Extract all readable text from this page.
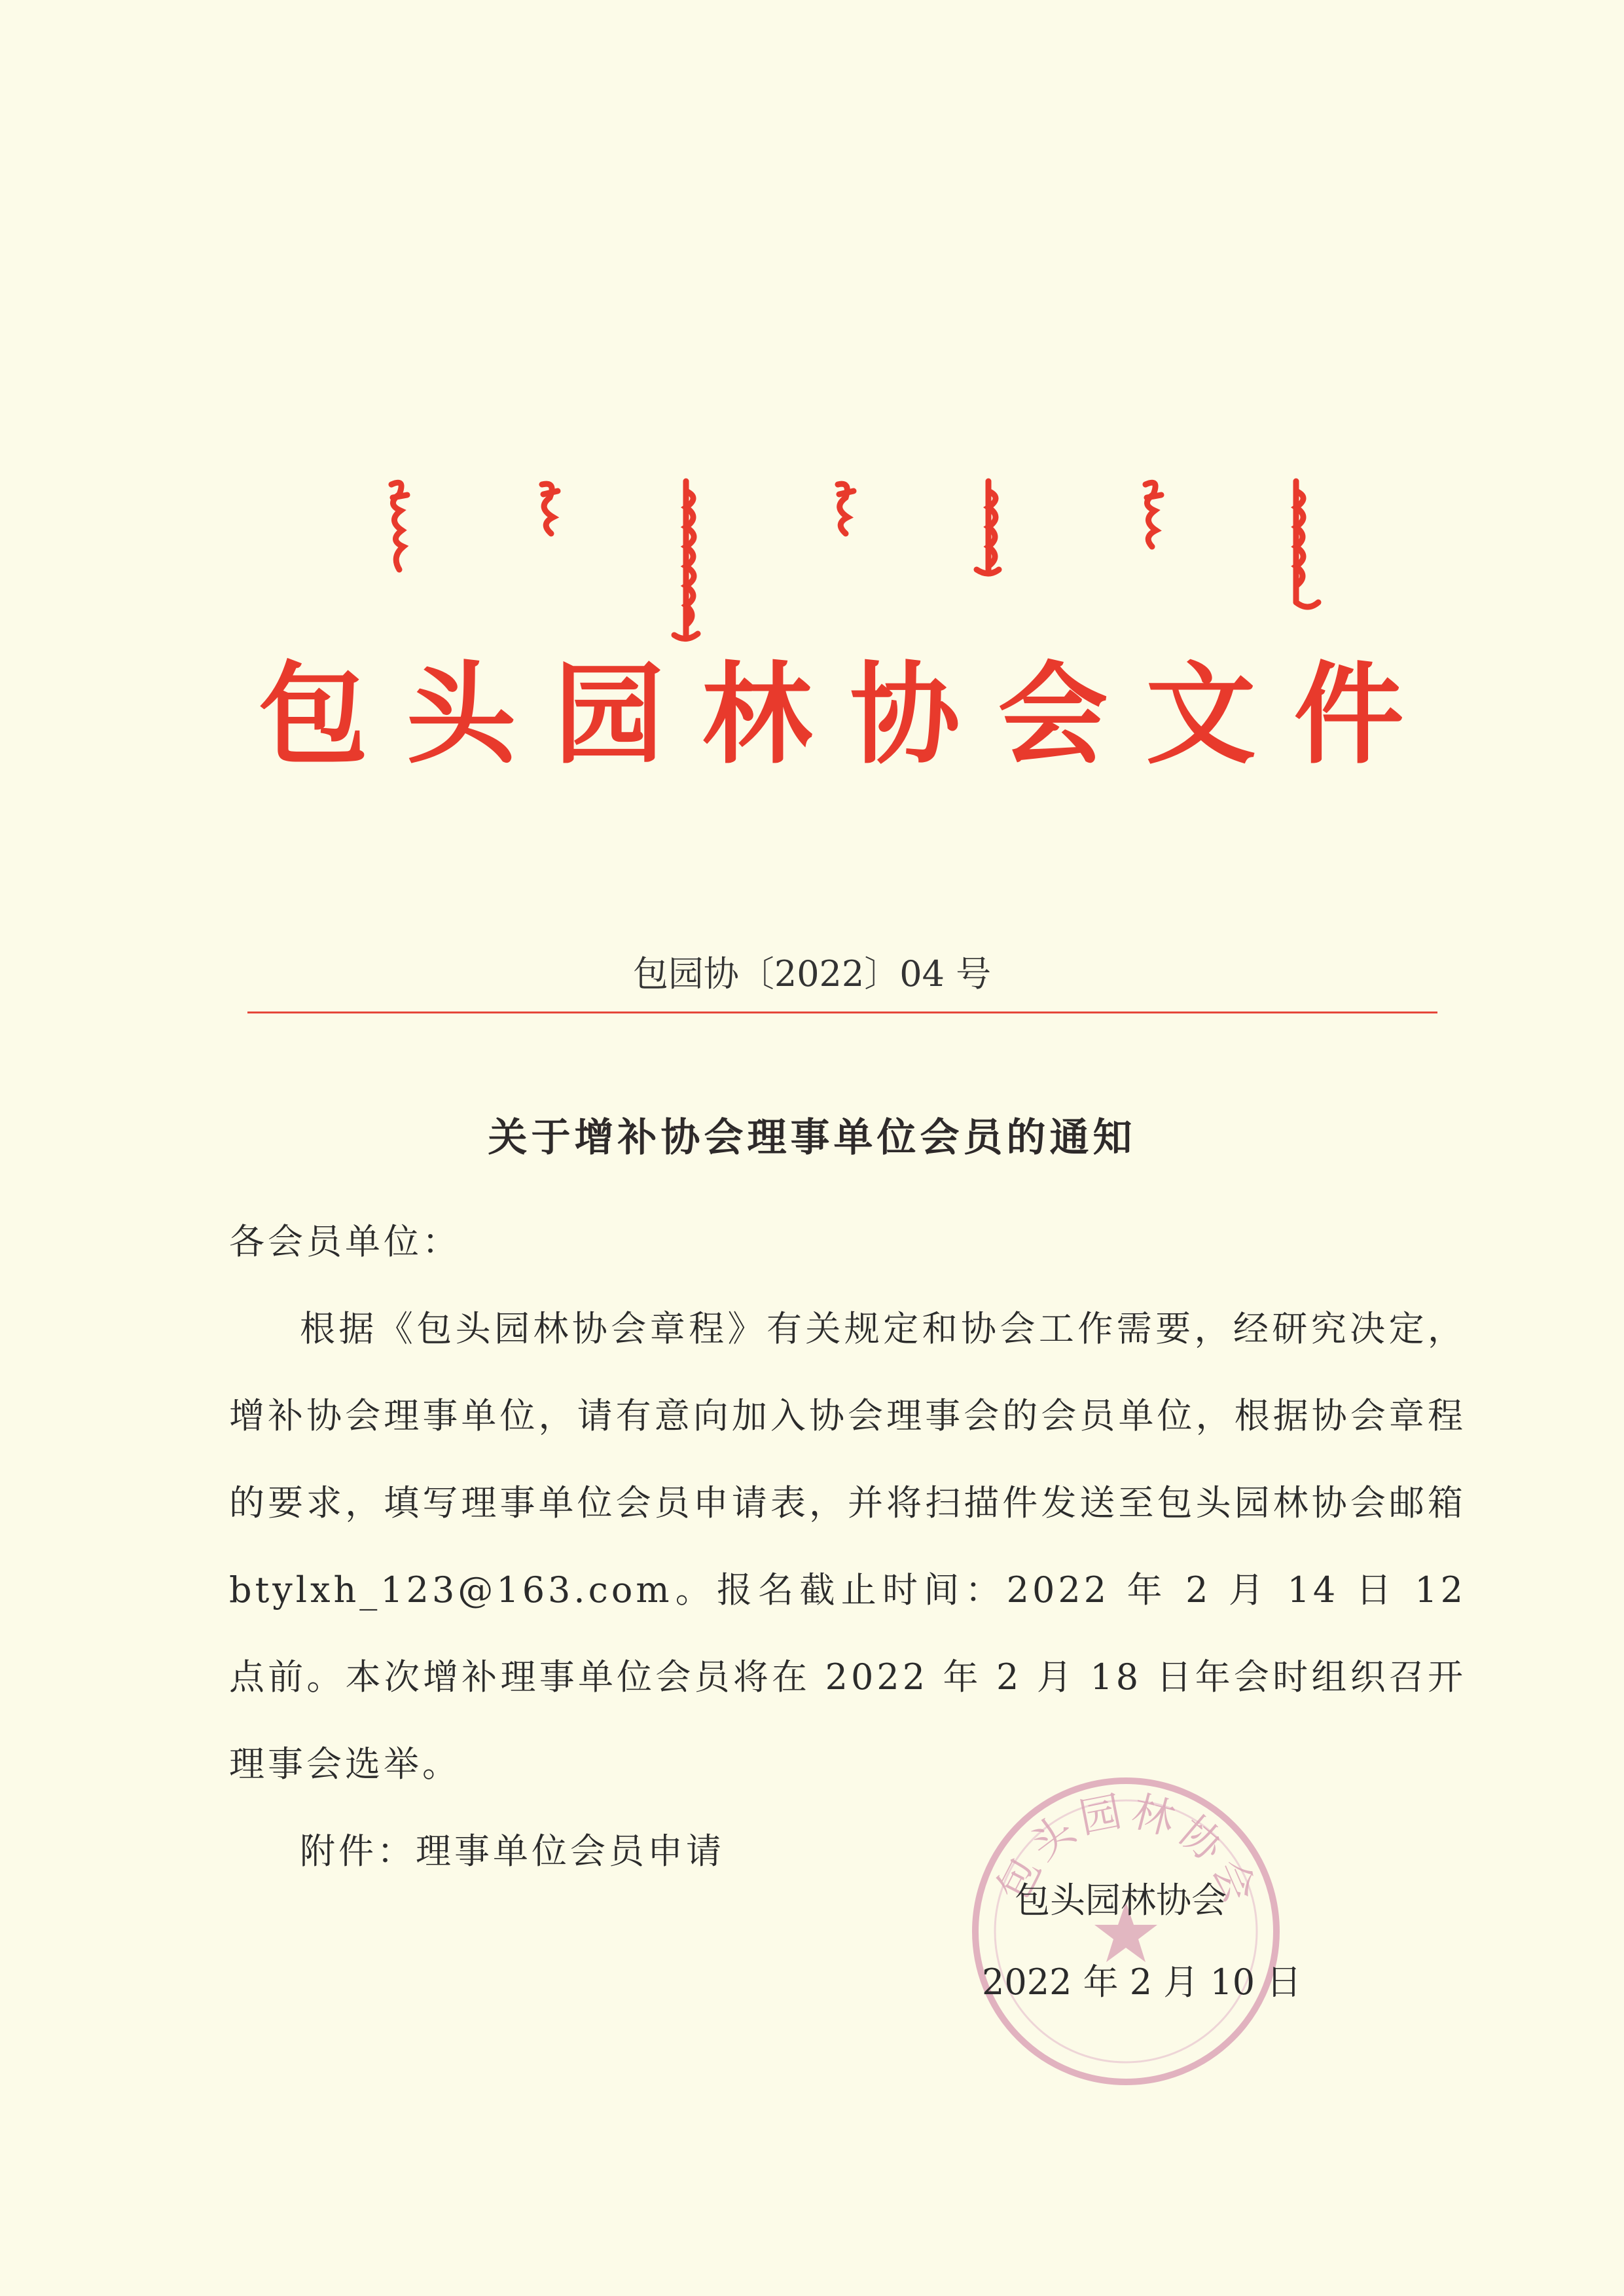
包头园林协会文件
包园协〔2022〕04 号
关于增补协会理事单位会员的通知

各会员单位：

根据《包头园林协会章程》有关规定和协会工作需要，经研究决定，增补协会理事单位，请有意向加入协会理事会的会员单位，根据协会章程的要求，填写理事单位会员申请表，并将扫描件发送至包头园林协会邮箱 btylxh_123@163.com。报名截止时间：2022 年 2 月 14 日 12 点前。本次增补理事单位会员将在 2022 年 2 月 18 日年会时组织召开理事会选举。

附件：理事单位会员申请	包头园林协会
包头园林协会
2022 年 2 月 10 日
